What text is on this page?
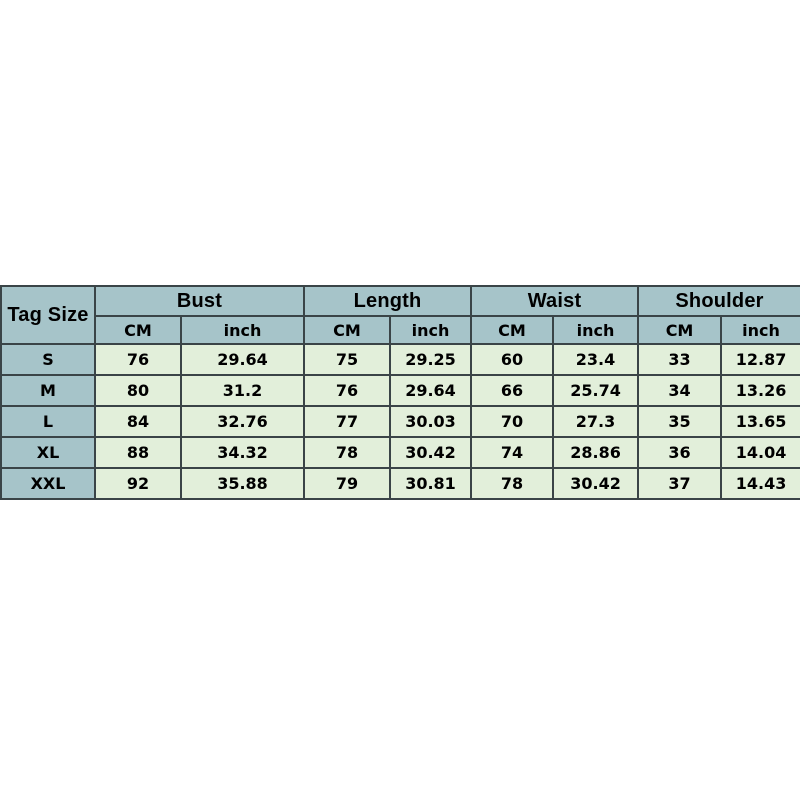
Tag Size	Bust		Length		Waist		Shoulder	
	CM	inch	CM	inch	CM	inch	CM	inch
S	76	29.64	75	29.25	60	23.4	33	12.87
M	80	31.2	76	29.64	66	25.74	34	13.26
L	84	32.76	77	30.03	70	27.3	35	13.65
XL	88	34.32	78	30.42	74	28.86	36	14.04
XXL	92	35.88	79	30.81	78	30.42	37	14.43
